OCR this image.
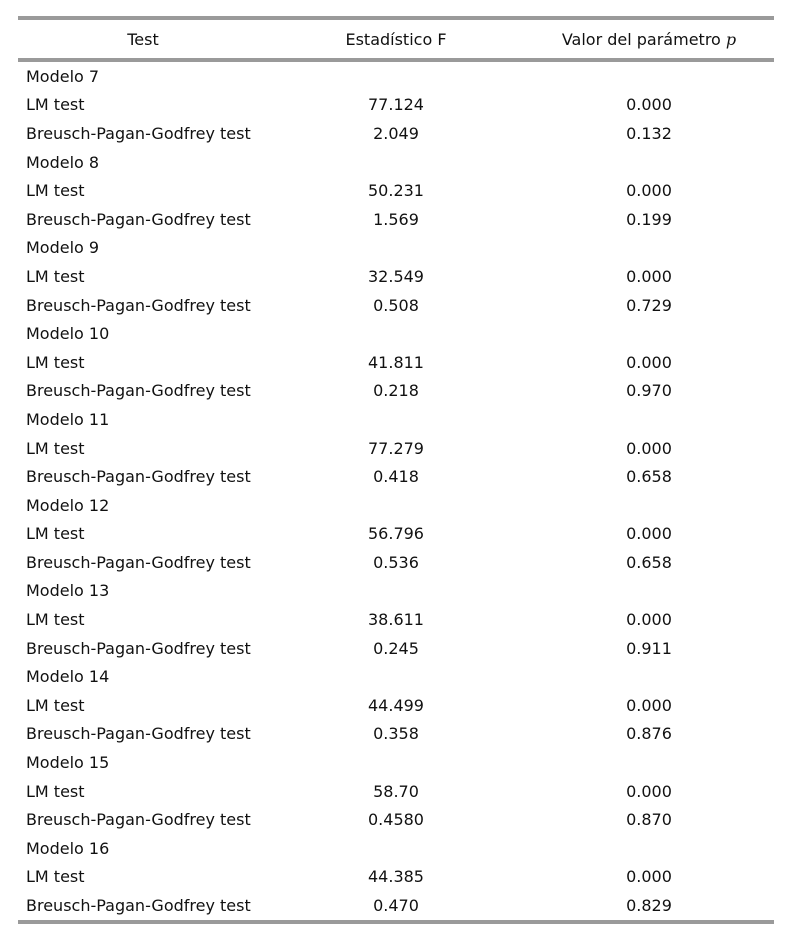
Test	Estadístico F	Valor del parámetro p
Modelo 7
LM test	77.124	0.000
Breusch-Pagan-Godfrey test	2.049	0.132
Modelo 8
LM test	50.231	0.000
Breusch-Pagan-Godfrey test	1.569	0.199
Modelo 9
LM test	32.549	0.000
Breusch-Pagan-Godfrey test	0.508	0.729
Modelo 10
LM test	41.811	0.000
Breusch-Pagan-Godfrey test	0.218	0.970
Modelo 11
LM test	77.279	0.000
Breusch-Pagan-Godfrey test	0.418	0.658
Modelo 12
LM test	56.796	0.000
Breusch-Pagan-Godfrey test	0.536	0.658
Modelo 13
LM test	38.611	0.000
Breusch-Pagan-Godfrey test	0.245	0.911
Modelo 14
LM test	44.499	0.000
Breusch-Pagan-Godfrey test	0.358	0.876
Modelo 15
LM test	58.70	0.000
Breusch-Pagan-Godfrey test	0.4580	0.870
Modelo 16
LM test	44.385	0.000
Breusch-Pagan-Godfrey test	0.470	0.829
